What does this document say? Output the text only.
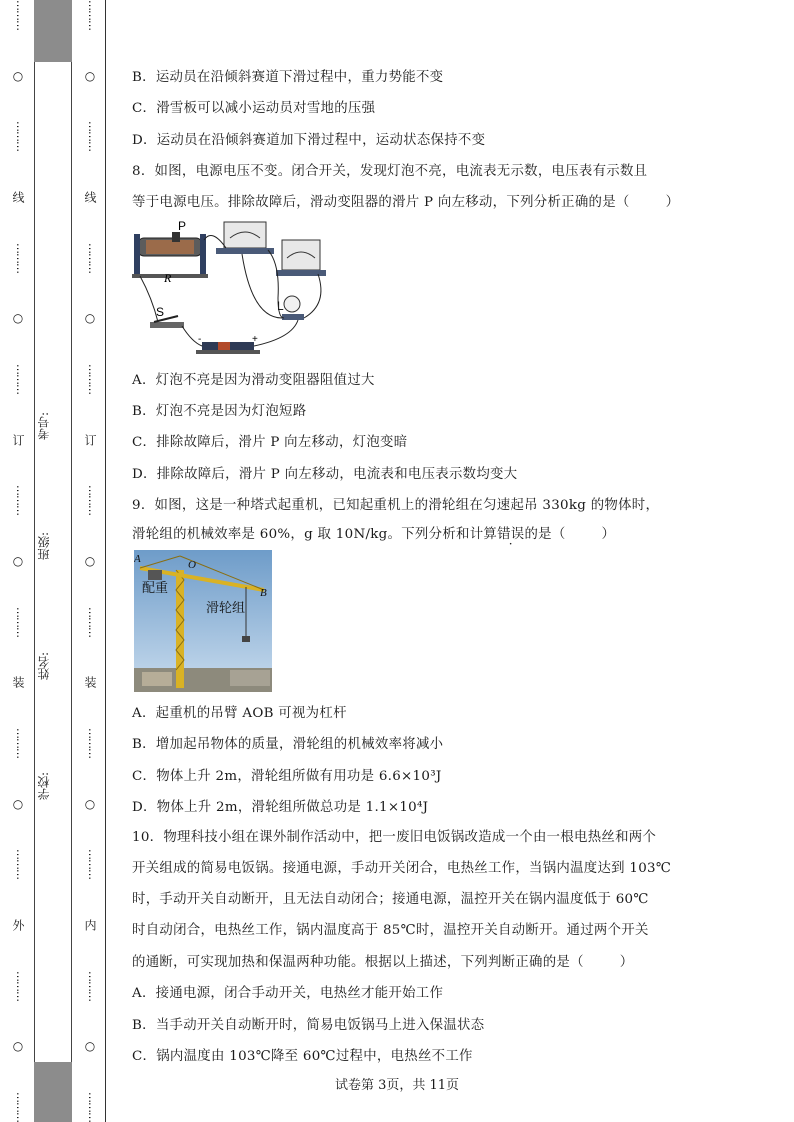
⋯⋯⋯
○
⋯⋯⋯
线
⋯⋯⋯
○
⋯⋯⋯
订
⋯⋯⋯
○
⋯⋯⋯
装
⋯⋯⋯
○
⋯⋯⋯
外
⋯⋯⋯
○
⋯⋯⋯
考号:
班级:
姓名:
学校:
⋯⋯⋯
○
⋯⋯⋯
线
⋯⋯⋯
○
⋯⋯⋯
订
⋯⋯⋯
○
⋯⋯⋯
装
⋯⋯⋯
○
⋯⋯⋯
内
⋯⋯⋯
○
⋯⋯⋯
B．运动员在沿倾斜赛道下滑过程中，重力势能不变
C．滑雪板可以减小运动员对雪地的压强
D．运动员在沿倾斜赛道加下滑过程中，运动状态保持不变
8．如图，电源电压不变。闭合开关，发现灯泡不亮，电流表无示数，电压表有示数且
等于电源电压。排除故障后，滑动变阻器的滑片 P 向左移动，下列分析正确的是（	）
P
R
L
S
-	+
A．灯泡不亮是因为滑动变阻器阻值过大
B．灯泡不亮是因为灯泡短路
C．排除故障后，滑片 P 向左移动，灯泡变暗
D．排除故障后，滑片 P 向左移动，电流表和电压表示数均变大
9．如图，这是一种塔式起重机，已知起重机上的滑轮组在匀速起吊 330kg 的物体时，
滑轮组的机械效率是 60%，g 取 10N/kg。下列分析和计算错误的是（	）
A	O
B
配重
滑轮组
A．起重机的吊臂 AOB 可视为杠杆
B．增加起吊物体的质量，滑轮组的机械效率将减小
C．物体上升 2m，滑轮组所做有用功是 6.6×10³J
D．物体上升 2m，滑轮组所做总功是 1.1×10⁴J
10．物理科技小组在课外制作活动中，把一废旧电饭锅改造成一个由一根电热丝和两个
开关组成的简易电饭锅。接通电源，手动开关闭合，电热丝工作，当锅内温度达到 103℃
时，手动开关自动断开，且无法自动闭合；接通电源，温控开关在锅内温度低于 60℃
时自动闭合，电热丝工作，锅内温度高于 85℃时，温控开关自动断开。通过两个开关
的通断，可实现加热和保温两种功能。根据以上描述，下列判断正确的是（	）
A．接通电源，闭合手动开关，电热丝才能开始工作
B．当手动开关自动断开时，简易电饭锅马上进入保温状态
C．锅内温度由 103℃降至 60℃过程中，电热丝不工作
试卷第 3页，共 11页
